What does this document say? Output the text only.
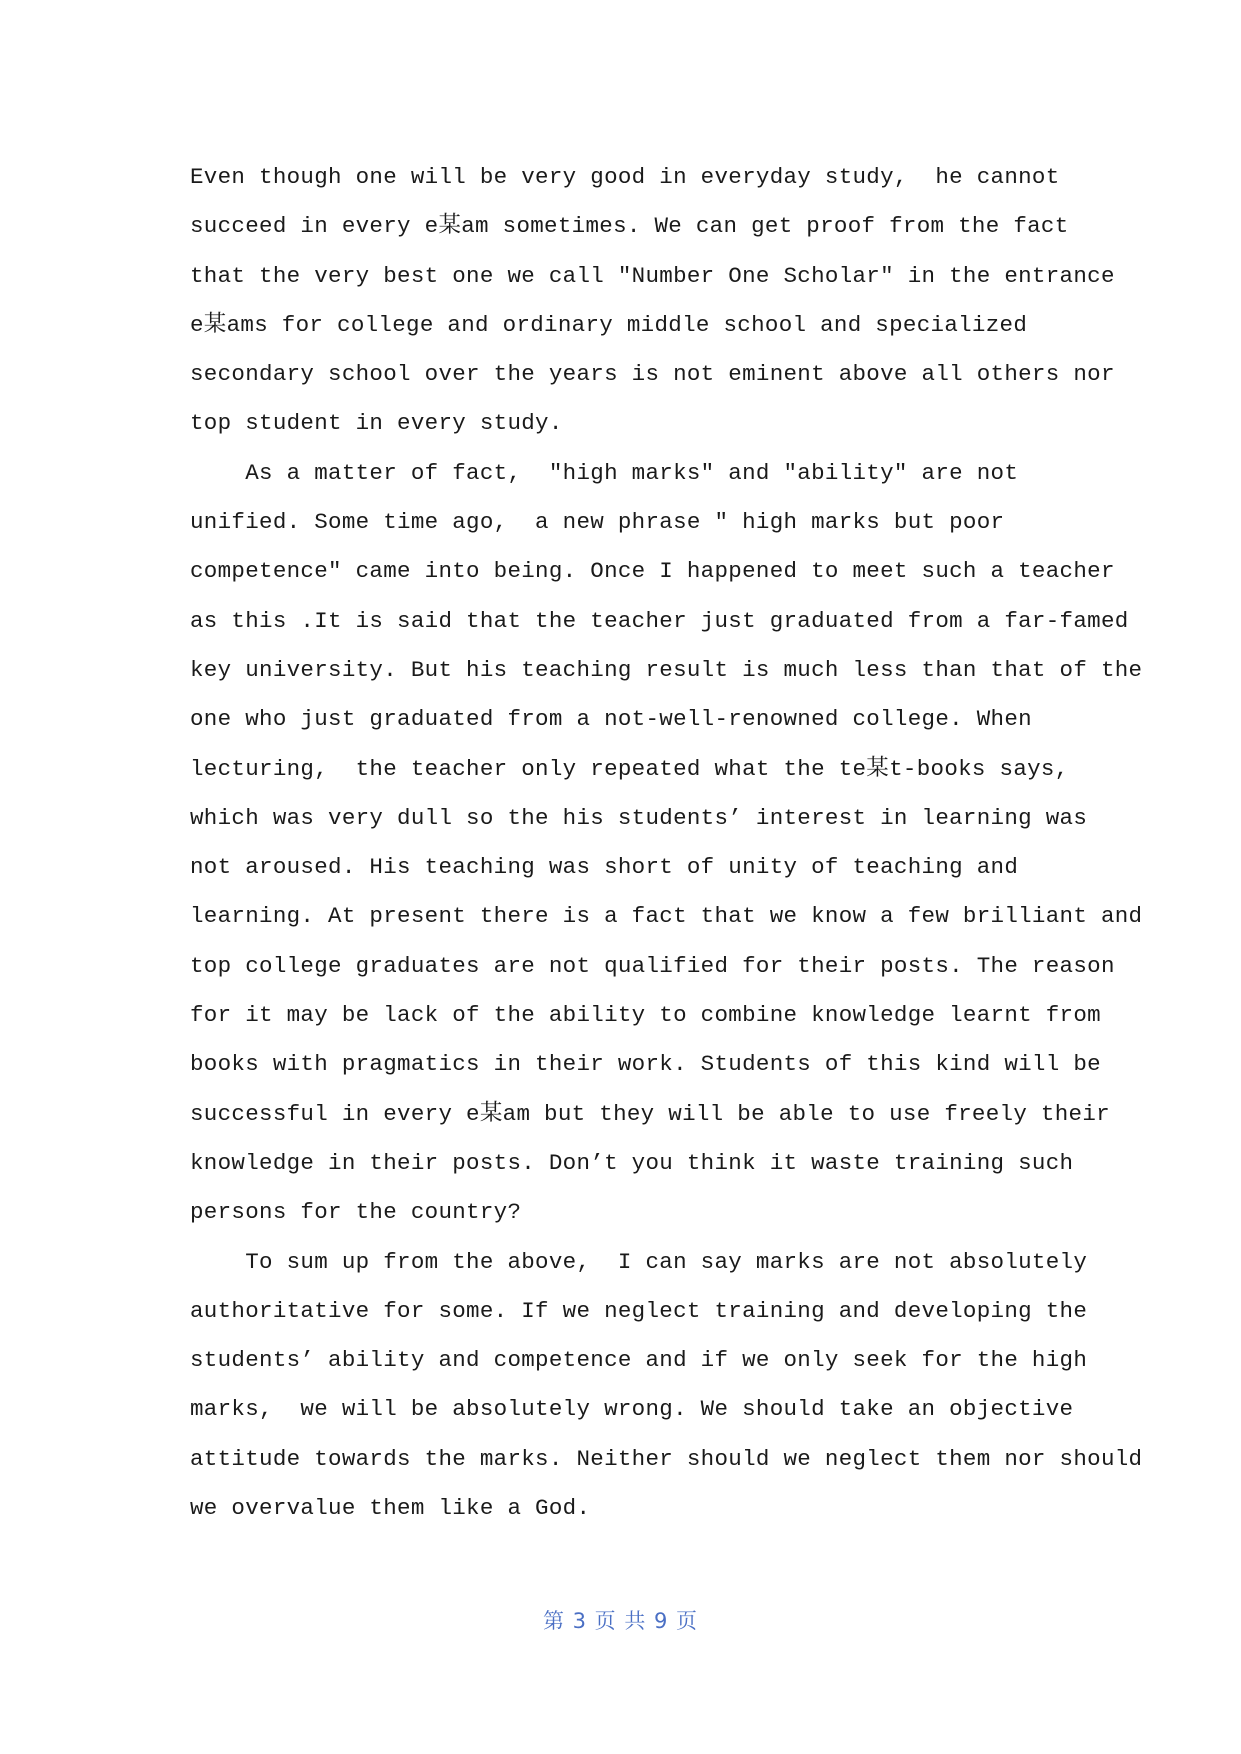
Even though one will be very good in everyday study,  he cannot
succeed in every e某am sometimes. We can get proof from the fact
that the very best one we call "Number One Scholar" in the entrance
e某ams for college and ordinary middle school and specialized
secondary school over the years is not eminent above all others nor
top student in every study.
As a matter of fact,  "high marks" and "ability" are not
unified. Some time ago,  a new phrase " high marks but poor
competence" came into being. Once I happened to meet such a teacher
as this .It is said that the teacher just graduated from a far-famed
key university. But his teaching result is much less than that of the
one who just graduated from a not-well-renowned college. When
lecturing,  the teacher only repeated what the te某t-books says,
which was very dull so the his students’ interest in learning was
not aroused. His teaching was short of unity of teaching and
learning. At present there is a fact that we know a few brilliant and
top college graduates are not qualified for their posts. The reason
for it may be lack of the ability to combine knowledge learnt from
books with pragmatics in their work. Students of this kind will be
successful in every e某am but they will be able to use freely their
knowledge in their posts. Don’t you think it waste training such
persons for the country?
To sum up from the above,  I can say marks are not absolutely
authoritative for some. If we neglect training and developing the
students’ ability and competence and if we only seek for the high
marks,  we will be absolutely wrong. We should take an objective
attitude towards the marks. Neither should we neglect them nor should
we overvalue them like a God.
第 3 页 共 9 页
